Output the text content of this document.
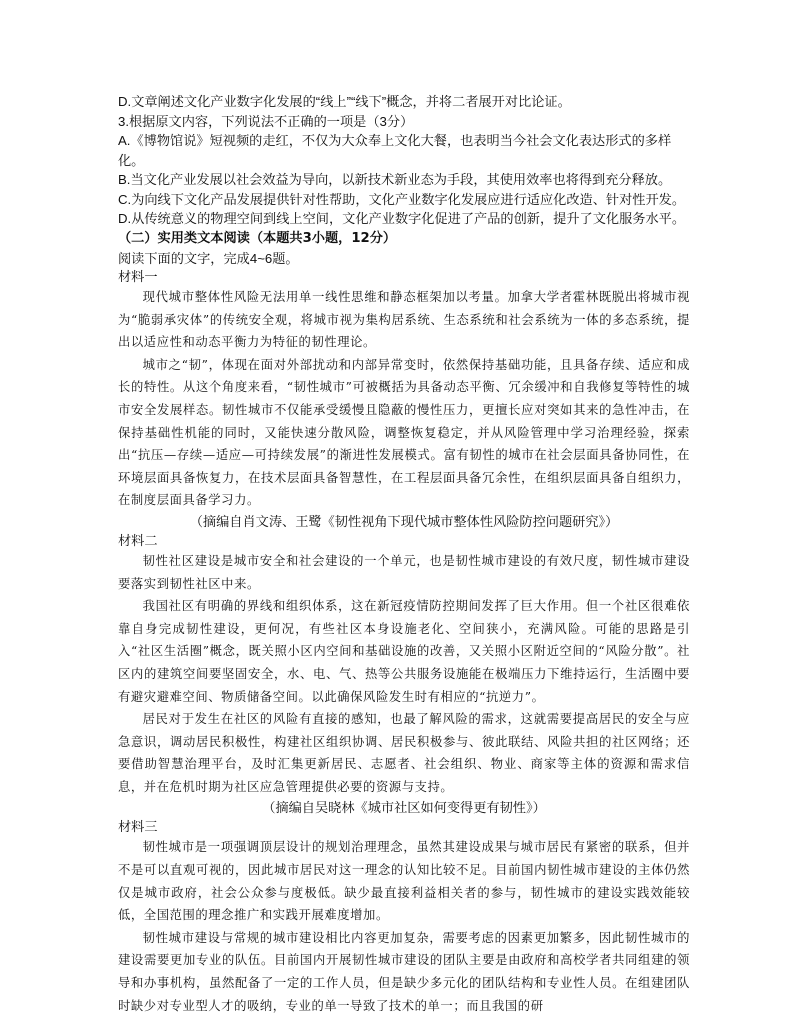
D.文章阐述文化产业数字化发展的“线上”“线下”概念，并将二者展开对比论证。

3.根据原文内容，下列说法不正确的一项是（3分）

A.《博物馆说》短视频的走红，不仅为大众奉上文化大餐，也表明当今社会文化表达形式的多样化。

B.当文化产业发展以社会效益为导向，以新技术新业态为手段，其使用效率也将得到充分释放。

C.为向线下文化产品发展提供针对性帮助，文化产业数字化发展应进行适应化改造、针对性开发。

D.从传统意义的物理空间到线上空间，文化产业数字化促进了产品的创新，提升了文化服务水平。

（二）实用类文本阅读（本题共3小题，12分）

阅读下面的文字，完成4~6题。

材料一

现代城市整体性风险无法用单一线性思维和静态框架加以考量。加拿大学者霍林既脱出将城市视为“脆弱承灾体”的传统安全观，将城市视为集构居系统、生态系统和社会系统为一体的多态系统，提出以适应性和动态平衡力为特征的韧性理论。

城市之“韧”，体现在面对外部扰动和内部异常变时，依然保持基础功能，且具备存续、适应和成长的特性。从这个角度来看，“韧性城市”可被概括为具备动态平衡、冗余缓冲和自我修复等特性的城市安全发展样态。韧性城市不仅能承受缓慢且隐蔽的慢性压力，更擅长应对突如其来的急性冲击，在保持基础性机能的同时，又能快速分散风险，调整恢复稳定，并从风险管理中学习治理经验，探索出“抗压—存续—适应—可持续发展”的渐进性发展模式。富有韧性的城市在社会层面具备协同性，在环境层面具备恢复力，在技术层面具备智慧性，在工程层面具备冗余性，在组织层面具备自组织力，在制度层面具备学习力。

（摘编自肖文涛、王鹭《韧性视角下现代城市整体性风险防控问题研究》）

材料二

韧性社区建设是城市安全和社会建设的一个单元，也是韧性城市建设的有效尺度，韧性城市建设要落实到韧性社区中来。

我国社区有明确的界线和组织体系，这在新冠疫情防控期间发挥了巨大作用。但一个社区很难依靠自身完成韧性建设，更何况，有些社区本身设施老化、空间狭小，充满风险。可能的思路是引入“社区生活圈”概念，既关照小区内空间和基础设施的改善，又关照小区附近空间的“风险分散”。社区内的建筑空间要坚固安全，水、电、气、热等公共服务设施能在极端压力下维持运行，生活圈中要有避灾避难空间、物质储备空间。以此确保风险发生时有相应的“抗逆力”。

居民对于发生在社区的风险有直接的感知，也最了解风险的需求，这就需要提高居民的安全与应急意识，调动居民积极性，构建社区组织协调、居民积极参与、彼此联结、风险共担的社区网络；还要借助智慧治理平台，及时汇集更新居民、志愿者、社会组织、物业、商家等主体的资源和需求信息，并在危机时期为社区应急管理提供必要的资源与支持。

（摘编自吴晓林《城市社区如何变得更有韧性》）

材料三

韧性城市是一项强调顶层设计的规划治理理念，虽然其建设成果与城市居民有紧密的联系，但并不是可以直观可视的，因此城市居民对这一理念的认知比较不足。目前国内韧性城市建设的主体仍然仅是城市政府，社会公众参与度极低。缺少最直接利益相关者的参与，韧性城市的建设实践效能较低，全国范围的理念推广和实践开展难度增加。

韧性城市建设与常规的城市建设相比内容更加复杂，需要考虑的因素更加繁多，因此韧性城市的建设需要更加专业的队伍。目前国内开展韧性城市建设的团队主要是由政府和高校学者共同组建的领导和办事机构，虽然配备了一定的工作人员，但是缺少多元化的团队结构和专业性人员。在组建团队时缺少对专业型人才的吸纳，专业的单一导致了技术的单一；而且我国的研
